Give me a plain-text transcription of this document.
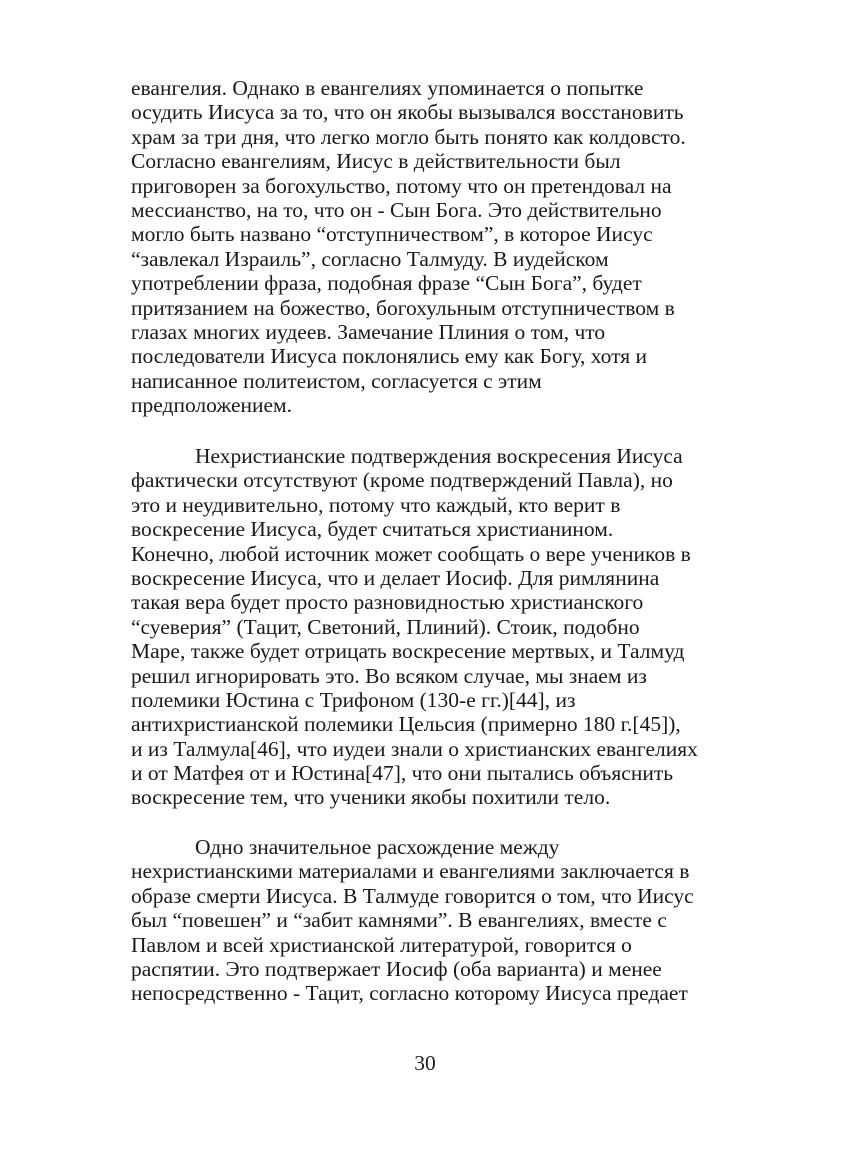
евангелия. Однако в евангелиях упоминается о попытке
осудить Иисуса за то, что он якобы вызывался восстановить
храм за три дня, что легко могло быть понято как колдовсто.
Согласно евангелиям, Иисус в действительности был
приговорен за богохульство, потому что он претендовал на
мессианство, на то, что он - Сын Бога. Это действительно
могло быть названо “отступничеством”, в которое Иисус
“завлекал Израиль”, согласно Талмуду. В иудейском
употреблении фраза, подобная фразе “Сын Бога”, будет
притязанием на божество, богохульным отступничеством в
глазах многих иудеев. Замечание Плиния о том, что
последователи Иисуса поклонялись ему как Богу, хотя и
написанное политеистом, согласуется с этим
предположением.
Нехристианские подтверждения воскресения Иисуса
фактически отсутствуют (кроме подтверждений Павла), но
это и неудивительно, потому что каждый, кто верит в
воскресение Иисуса, будет считаться христианином.
Конечно, любой источник может сообщать о вере учеников в
воскресение Иисуса, что и делает Иосиф. Для римлянина
такая вера будет просто разновидностью христианского
“суеверия” (Тацит, Светоний, Плиний). Стоик, подобно
Маре, также будет отрицать воскресение мертвых, и Талмуд
решил игнорировать это. Во всяком случае, мы знаем из
полемики Юстина с Трифоном (130-е гг.)[44], из
антихристианской полемики Цельсия (примерно 180 г.[45]),
и из Талмула[46], что иудеи знали о христианских евангелиях
и от Матфея от и Юстина[47], что они пытались объяснить
воскресение тем, что ученики якобы похитили тело.
Одно значительное расхождение между
нехристианскими материалами и евангелиями заключается в
образе смерти Иисуса. В Талмуде говорится о том, что Иисус
был “повешен” и “забит камнями”. В евангелиях, вместе с
Павлом и всей христианской литературой, говорится о
распятии. Это подтвержает Иосиф (оба варианта) и менее
непосредственно - Тацит, согласно которому Иисуса предает
30
